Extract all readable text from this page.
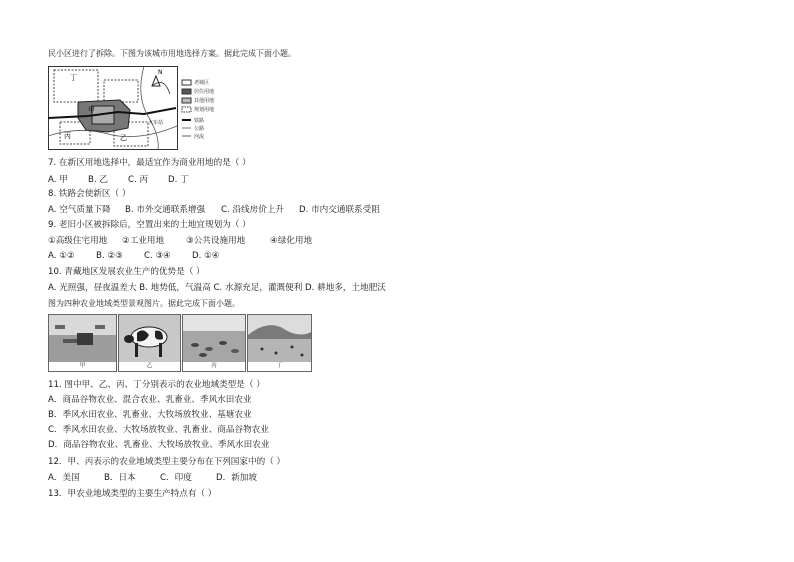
民小区进行了拆除。下图为该城市用地选择方案。据此完成下面小题。
丁
甲
丙	乙
N
火车站
老城区
居住用地
其他用地
规划用地
铁路
公路
河流
7. 在新区用地选择中，最适宜作为商业用地的是（ ）
A. 甲 B. 乙 C. 丙 D. 丁
8. 铁路会使新区（ ）
A. 空气质量下降 B. 市外交通联系增强 C. 沿线房价上升 D. 市内交通联系受阻
9. 老旧小区被拆除后，空置出来的土地宜规划为（ ）
①高级住宅用地 ②工业用地	③公共设施用地	④绿化用地
A. ①② B. ②③ C. ③④ D. ①④
10. 青藏地区发展农业生产的优势是（ ）
A. 光照强，昼夜温差大 B. 地势低，气温高 C. 水源充足，灌溉便利 D. 耕地多，土地肥沃
图为四种农业地域类型景观图片。据此完成下面小题。
甲	乙	丙	丁
11. 图中甲、乙、丙、丁分别表示的农业地域类型是（ ）
A．商品谷物农业、混合农业、乳畜业、季风水田农业
B．季风水田农业、乳畜业、大牧场放牧业、基塘农业
C．季风水田农业、大牧场放牧业、乳畜业、商品谷物农业
D．商品谷物农业、乳畜业、大牧场放牧业、季风水田农业
12．甲、丙表示的农业地域类型主要分布在下列国家中的（ ）
A．美国	B．日本	C．印度	D．新加坡
13．甲农业地域类型的主要生产特点有（ ）
